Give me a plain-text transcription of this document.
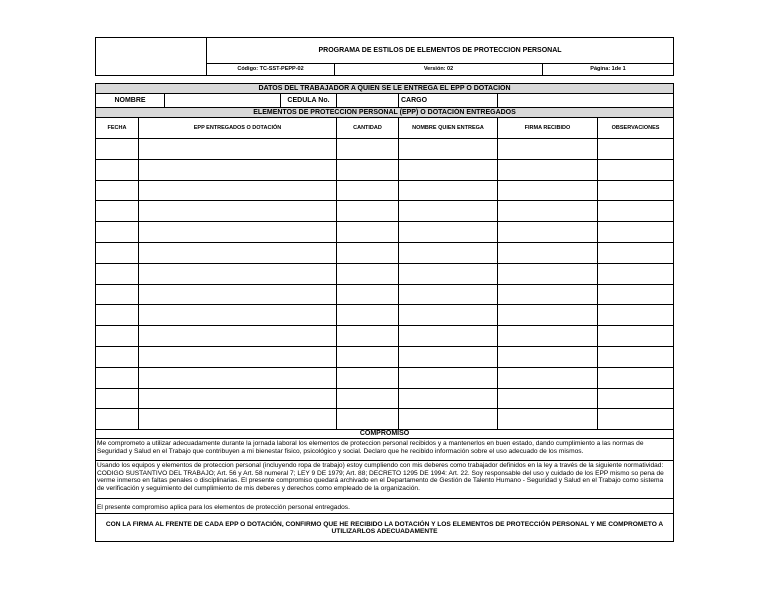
	PROGRAMA DE ESTILOS DE ELEMENTOS DE PROTECCION PERSONAL		
	Código: TC-SST-PEPP-02	Versión: 02	Página: 1de 1
DATOS DEL TRABAJADOR A QUIEN SE LE ENTREGA EL EPP O DOTACION							
NOMBRE			CEDULA No.		CARGO		
ELEMENTOS DE PROTECCION PERSONAL (EPP) O DOTACIÓN ENTREGADOS							
FECHA	EPP ENTREGADOS O DOTACIÓN			CANTIDAD	NOMBRE QUIEN ENTREGA	FIRMA RECIBIDO	OBSERVACIONES

COMPROMISO
Me comprometo a utilizar adecuadamente durante la jornada laboral los elementos de proteccion personal recibidos y a mantenerlos en buen estado, dando cumplimiento a las normas de Seguridad y Salud en el Trabajo que contribuyen a mi bienestar fisico, psicológico y social. Declaro que he recibido información sobre el uso adecuado de los mismos.							

Usando los equipos y elementos de proteccion personal (incluyendo ropa de trabajo) estoy cumpliendo con mis deberes como trabajador definidos en la ley a través de la siguiente normatividad: CODIGO SUSTANTIVO DEL TRABAJO; Art. 56 y Art. 58 numeral 7; LEY 9 DE 1979; Art. 88; DECRETO 1295 DE 1994: Art. 22. Soy responsable del uso y cuidado de los EPP mismo so pena de verme inmerso en faltas penales o disciplinarias. El presente compromiso quedará archivado en el Departamento de Gestión de Talento Humano - Seguridad y Salud en el Trabajo como sistema de verificación y seguimiento del cumplimiento de mis deberes y derechos como empleado de la organización.							
El presente compromiso aplica para los elementos de protección personal entregados.							
CON LA FIRMA AL FRENTE DE CADA EPP O DOTACIÓN, CONFIRMO QUE HE RECIBIDO LA DOTACIÓN Y LOS ELEMENTOS DE PROTECCIÓN PERSONAL Y ME COMPROMETO A UTILIZARLOS ADECUADAMENTE							
